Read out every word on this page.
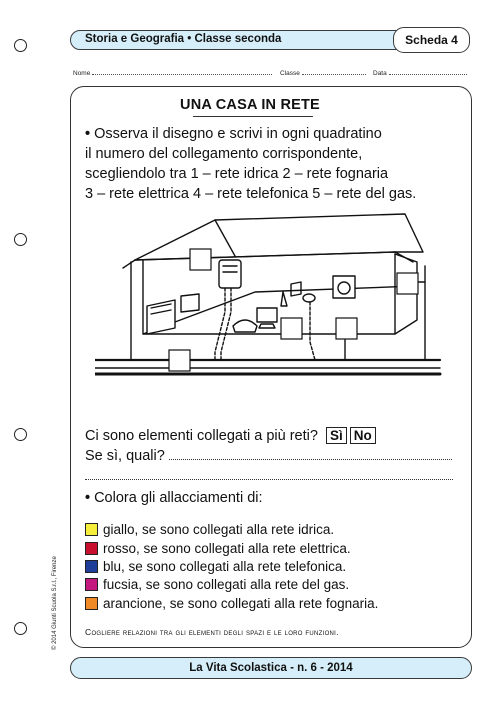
Storia e Geografia • Classe seconda	Scheda 4
Nome	Classe	Data
UNA CASA IN RETE
• Osserva il disegno e scrivi in ogni quadratino
il numero del collegamento corrispondente,
scegliendolo tra 1 – rete idrica 2 – rete fognaria
3 – rete elettrica 4 – rete telefonica 5 – rete del gas.
Ci sono elementi collegati a più reti? Sì No
Se sì, quali?
• Colora gli allacciamenti di:
giallo, se sono collegati alla rete idrica.
rosso, se sono collegati alla rete elettrica.
blu, se sono collegati alla rete telefonica.
fucsia, se sono collegati alla rete del gas.
arancione, se sono collegati alla rete fognaria.
Cogliere relazioni tra gli elementi degli spazi e le loro funzioni.
© 2014 Giunti Scuola S.r.l., Firenze
La Vita Scolastica - n. 6 - 2014
